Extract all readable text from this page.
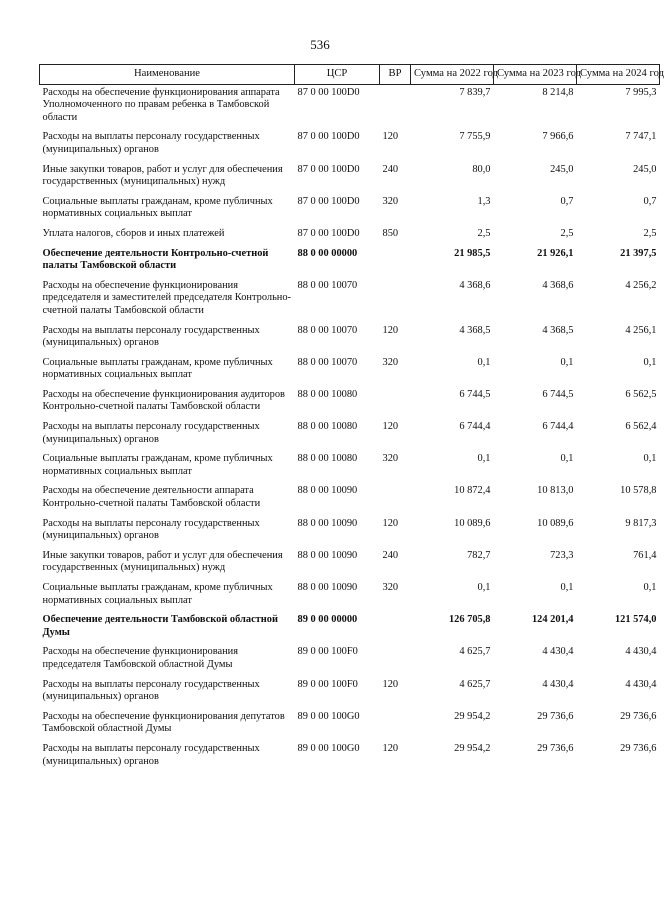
536
Наименование	ЦСР	ВР	Сумма на 2022 год	Сумма на 2023 год	Сумма на 2024 год
Расходы на обеспечение функционирования аппарата Уполномоченного по правам ребенка в Тамбовской области	87 0 00 100D0		7 839,7	8 214,8	7 995,3
Расходы на выплаты персоналу государственных (муниципальных) органов	87 0 00 100D0	120	7 755,9	7 966,6	7 747,1
Иные закупки товаров, работ и услуг для обеспечения государственных (муниципальных) нужд	87 0 00 100D0	240	80,0	245,0	245,0
Социальные выплаты гражданам, кроме публичных нормативных социальных выплат	87 0 00 100D0	320	1,3	0,7	0,7
Уплата налогов, сборов и иных платежей	87 0 00 100D0	850	2,5	2,5	2,5
Обеспечение деятельности Контрольно-счетной палаты Тамбовской области	88 0 00 00000		21 985,5	21 926,1	21 397,5
Расходы на обеспечение функционирования председателя и заместителей председателя Контрольно-счетной палаты Тамбовской области	88 0 00 10070		4 368,6	4 368,6	4 256,2
Расходы на выплаты персоналу государственных (муниципальных) органов	88 0 00 10070	120	4 368,5	4 368,5	4 256,1
Социальные выплаты гражданам, кроме публичных нормативных социальных выплат	88 0 00 10070	320	0,1	0,1	0,1
Расходы на обеспечение функционирования аудиторов Контрольно-счетной палаты Тамбовской области	88 0 00 10080		6 744,5	6 744,5	6 562,5
Расходы на выплаты персоналу государственных (муниципальных) органов	88 0 00 10080	120	6 744,4	6 744,4	6 562,4
Социальные выплаты гражданам, кроме публичных нормативных социальных выплат	88 0 00 10080	320	0,1	0,1	0,1
Расходы на обеспечение деятельности аппарата Контрольно-счетной палаты Тамбовской области	88 0 00 10090		10 872,4	10 813,0	10 578,8
Расходы на выплаты персоналу государственных (муниципальных) органов	88 0 00 10090	120	10 089,6	10 089,6	9 817,3
Иные закупки товаров, работ и услуг для обеспечения государственных (муниципальных) нужд	88 0 00 10090	240	782,7	723,3	761,4
Социальные выплаты гражданам, кроме публичных нормативных социальных выплат	88 0 00 10090	320	0,1	0,1	0,1
Обеспечение деятельности Тамбовской областной Думы	89 0 00 00000		126 705,8	124 201,4	121 574,0
Расходы на обеспечение функционирования председателя Тамбовской областной Думы	89 0 00 100F0		4 625,7	4 430,4	4 430,4
Расходы на выплаты персоналу государственных (муниципальных) органов	89 0 00 100F0	120	4 625,7	4 430,4	4 430,4
Расходы на обеспечение функционирования депутатов Тамбовской областной Думы	89 0 00 100G0		29 954,2	29 736,6	29 736,6
Расходы на выплаты персоналу государственных (муниципальных) органов	89 0 00 100G0	120	29 954,2	29 736,6	29 736,6
